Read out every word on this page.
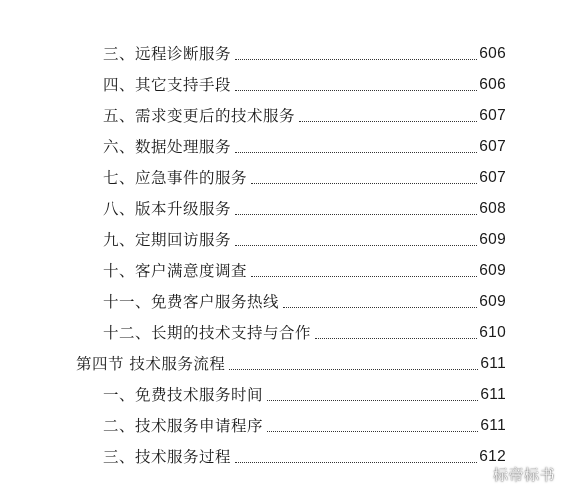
三、远程诊断服务	606
四、其它支持手段	606
五、需求变更后的技术服务	607
六、数据处理服务	607
七、应急事件的服务	607
八、版本升级服务	608
九、定期回访服务	609
十、客户满意度调查	609
十一、免费客户服务热线	609
十二、长期的技术支持与合作	610
第四节 技术服务流程	611
一、免费技术服务时间	611
二、技术服务申请程序	611
三、技术服务过程	612
标帝标书
